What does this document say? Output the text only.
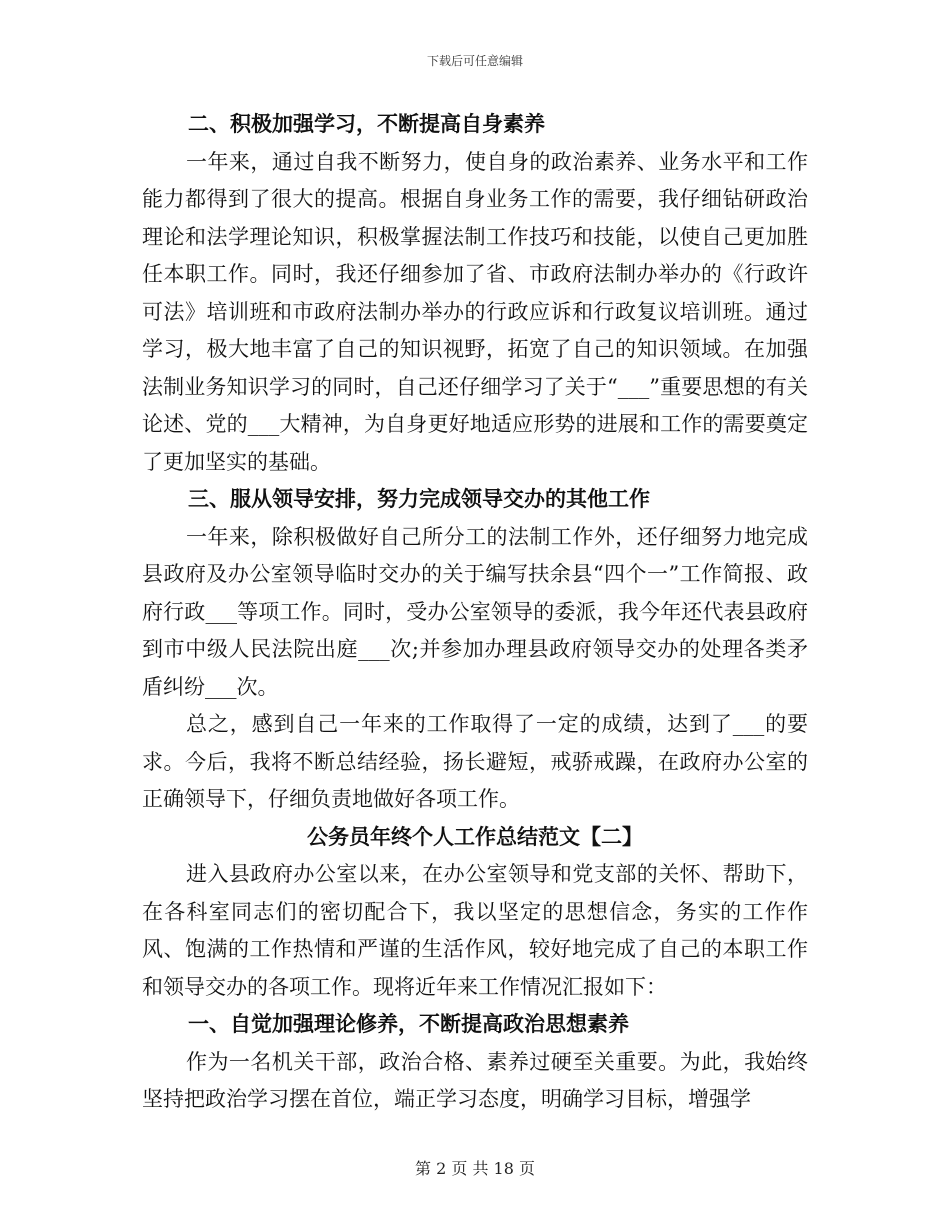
下载后可任意编辑

二、积极加强学习，不断提高自身素养

一年来，通过自我不断努力，使自身的政治素养、业务水平和工作能力都得到了很大的提高。根据自身业务工作的需要，我仔细钻研政治理论和法学理论知识，积极掌握法制工作技巧和技能，以使自己更加胜任本职工作。同时，我还仔细参加了省、市政府法制办举办的《行政许可法》培训班和市政府法制办举办的行政应诉和行政复议培训班。通过学习，极大地丰富了自己的知识视野，拓宽了自己的知识领域。在加强法制业务知识学习的同时，自己还仔细学习了关于“___”重要思想的有关论述、党的___大精神，为自身更好地适应形势的进展和工作的需要奠定了更加坚实的基础。

三、服从领导安排，努力完成领导交办的其他工作

一年来，除积极做好自己所分工的法制工作外，还仔细努力地完成县政府及办公室领导临时交办的关于编写扶余县“四个一”工作简报、政府行政___等项工作。同时，受办公室领导的委派，我今年还代表县政府到市中级人民法院出庭___次;并参加办理县政府领导交办的处理各类矛盾纠纷___次。

总之，感到自己一年来的工作取得了一定的成绩，达到了___的要求。今后，我将不断总结经验，扬长避短，戒骄戒躁，在政府办公室的正确领导下，仔细负责地做好各项工作。

公务员年终个人工作总结范文【二】

进入县政府办公室以来，在办公室领导和党支部的关怀、帮助下，在各科室同志们的密切配合下，我以坚定的思想信念，务实的工作作风、饱满的工作热情和严谨的生活作风，较好地完成了自己的本职工作和领导交办的各项工作。现将近年来工作情况汇报如下：

一、自觉加强理论修养，不断提高政治思想素养

作为一名机关干部，政治合格、素养过硬至关重要。为此，我始终坚持把政治学习摆在首位，端正学习态度，明确学习目标，增强学

第 2 页 共 18 页
